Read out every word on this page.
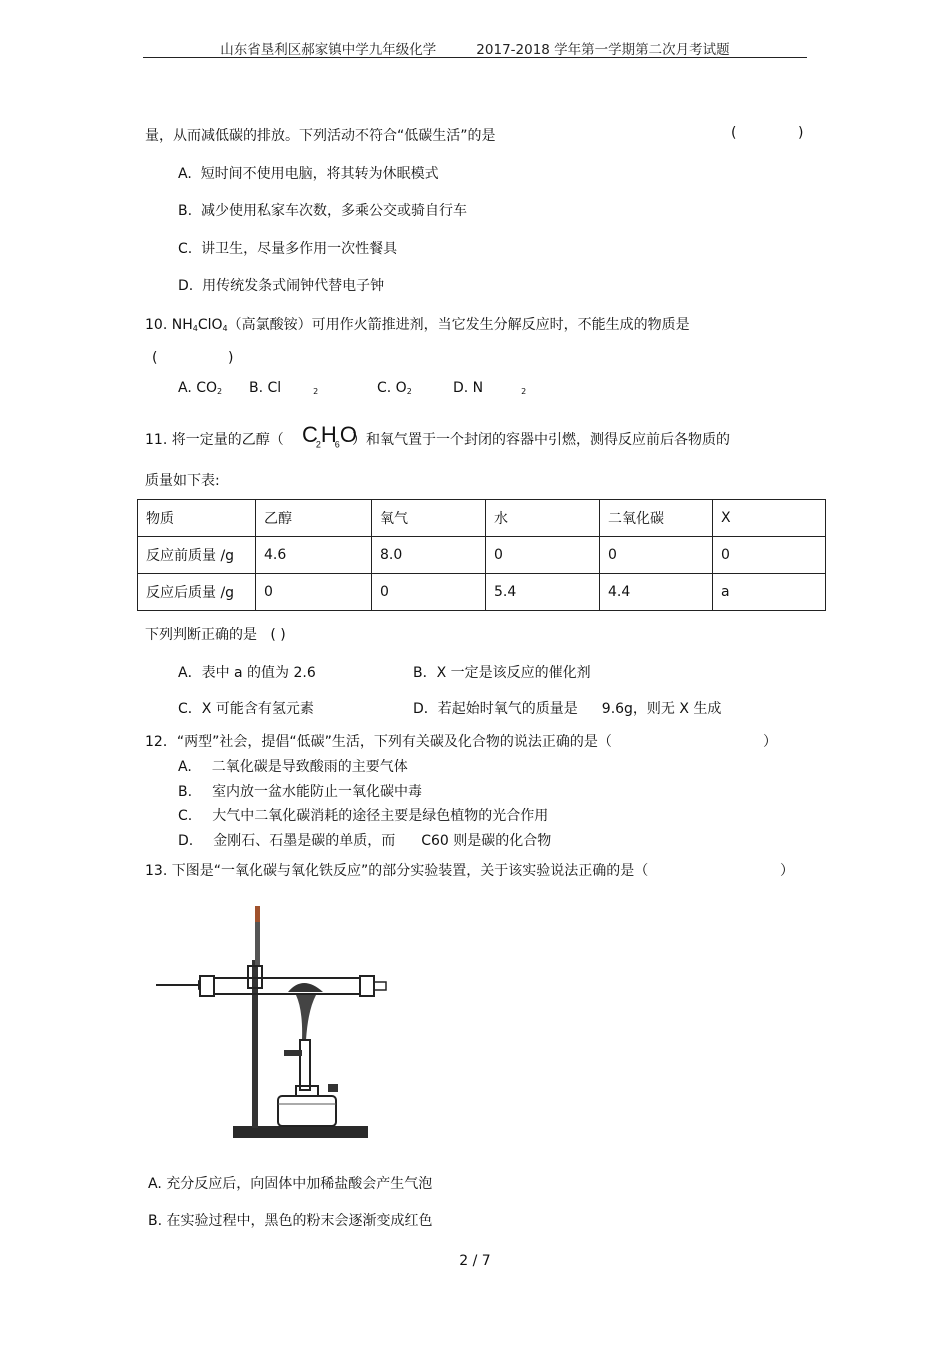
山东省垦利区郝家镇中学九年级化学	2017-2018 学年第一学期第二次月考试题
量，从而减低碳的排放。下列活动不符合“低碳生活”的是	(	)
A. 短时间不使用电脑，将其转为休眠模式
B. 减少使用私家车次数，多乘公交或骑自行车
C. 讲卫生，尽量多作用一次性餐具
D. 用传统发条式闹钟代替电子钟
10. $NH_4ClO_4$（高氯酸铵）可用作火箭推进剂，当它发生分解反应时，不能生成的物质是
(	)
A. $CO_2$ B. Cl	$_2$	C. $O_2$	D. N	$_2$
11. 将一定量的乙醇（ $C_2H_6O$
）和氧气置于一个封闭的容器中引燃，测得反应前后各物质的
质量如下表:
物质	乙醇	氧气	水	二氧化碳	X
反应前质量 /g	4.6	8.0	0	0	0
反应后质量 /g	0	0	5.4	4.4	a
下列判断正确的是 ( )
A．表中 a 的值为 2.6	B．X 一定是该反应的催化剂
C．X 可能含有氢元素	D．若起始时氧气的质量是 9.6g，则无 X 生成
12．“两型”社会，提倡“低碳”生活，下列有关碳及化合物的说法正确的是（	）
A. 二氧化碳是导致酸雨的主要气体
B. 室内放一盆水能防止一氧化碳中毒
C. 大气中二氧化碳消耗的途径主要是绿色植物的光合作用
D. 金刚石、石墨是碳的单质，而 C60 则是碳的化合物
13. 下图是“一氧化碳与氧化铁反应”的部分实验装置，关于该实验说法正确的是（	）
A. 充分反应后，向固体中加稀盐酸会产生气泡
B. 在实验过程中，黑色的粉末会逐渐变成红色
2 / 7
